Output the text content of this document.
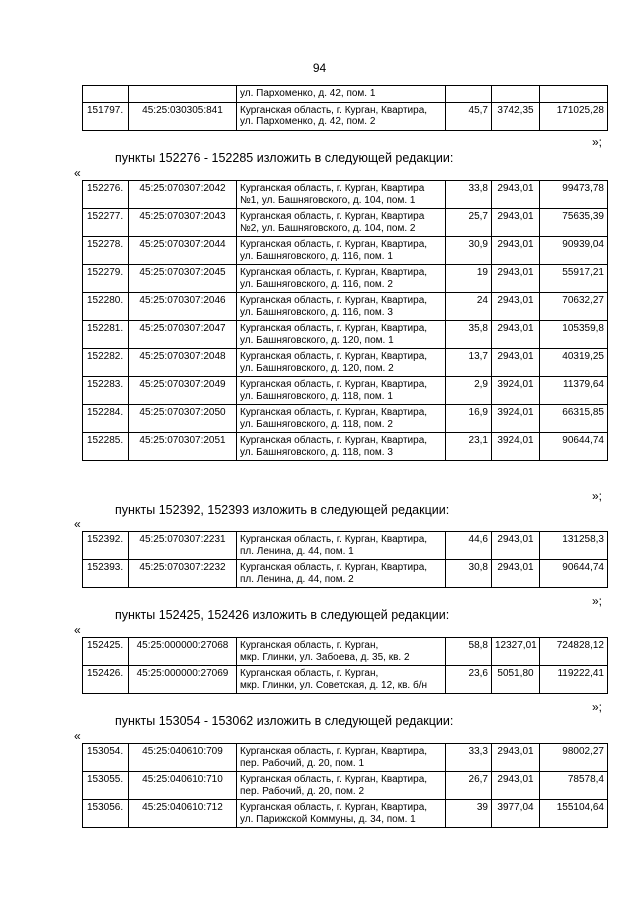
94

		ул. Пархоменко, д. 42, пом. 1			

151797.	45:25:030305:841	Курганская область, г. Курган, Квартира,
ул. Пархоменко, д. 42, пом. 2	45,7	3742,35	171025,28
»;
пункты 152276 - 152285 изложить в следующей редакции:
«
152276.	45:25:070307:2042	Курганская область, г. Курган, Квартира
№1, ул. Башняговского, д. 104, пом. 1	33,8	2943,01	99473,78
152277.	45:25:070307:2043	Курганская область, г. Курган, Квартира
№2, ул. Башняговского, д. 104, пом. 2	25,7	2943,01	75635,39
152278.	45:25:070307:2044	Курганская область, г. Курган, Квартира,
ул. Башняговского, д. 116, пом. 1	30,9	2943,01	90939,04
152279.	45:25:070307:2045	Курганская область, г. Курган, Квартира,
ул. Башняговского, д. 116, пом. 2	19	2943,01	55917,21
152280.	45:25:070307:2046	Курганская область, г. Курган, Квартира,
ул. Башняговского, д. 116, пом. 3	24	2943,01	70632,27
152281.	45:25:070307:2047	Курганская область, г. Курган, Квартира,
ул. Башняговского, д. 120, пом. 1	35,8	2943,01	105359,8
152282.	45:25:070307:2048	Курганская область, г. Курган, Квартира,
ул. Башняговского, д. 120, пом. 2	13,7	2943,01	40319,25
152283.	45:25:070307:2049	Курганская область, г. Курган, Квартира,
ул. Башняговского, д. 118, пом. 1	2,9	3924,01	11379,64
152284.	45:25:070307:2050	Курганская область, г. Курган, Квартира,
ул. Башняговского, д. 118, пом. 2	16,9	3924,01	66315,85
152285.	45:25:070307:2051	Курганская область, г. Курган, Квартира,
ул. Башняговского, д. 118, пом. 3	23,1	3924,01	90644,74
»;
пункты 152392, 152393 изложить в следующей редакции:
«
152392.	45:25:070307:2231	Курганская область, г. Курган, Квартира,
пл. Ленина, д. 44, пом. 1	44,6	2943,01	131258,3
152393.	45:25:070307:2232	Курганская область, г. Курган, Квартира,
пл. Ленина, д. 44, пом. 2	30,8	2943,01	90644,74
»;
пункты 152425, 152426 изложить в следующей редакции:
«
152425.	45:25:000000:27068	Курганская область, г. Курган,
мкр. Глинки, ул. Забоева, д. 35, кв. 2	58,8	12327,01	724828,12
152426.	45:25:000000:27069	Курганская область, г. Курган,
мкр. Глинки, ул. Советская, д. 12, кв. б/н	23,6	5051,80	119222,41
»;
пункты 153054 - 153062 изложить в следующей редакции:
«
153054.	45:25:040610:709	Курганская область, г. Курган, Квартира,
пер. Рабочий, д. 20, пом. 1	33,3	2943,01	98002,27
153055.	45:25:040610:710	Курганская область, г. Курган, Квартира,
пер. Рабочий, д. 20, пом. 2	26,7	2943,01	78578,4
153056.	45:25:040610:712	Курганская область, г. Курган, Квартира,
ул. Парижской Коммуны, д. 34, пом. 1	39	3977,04	155104,64
